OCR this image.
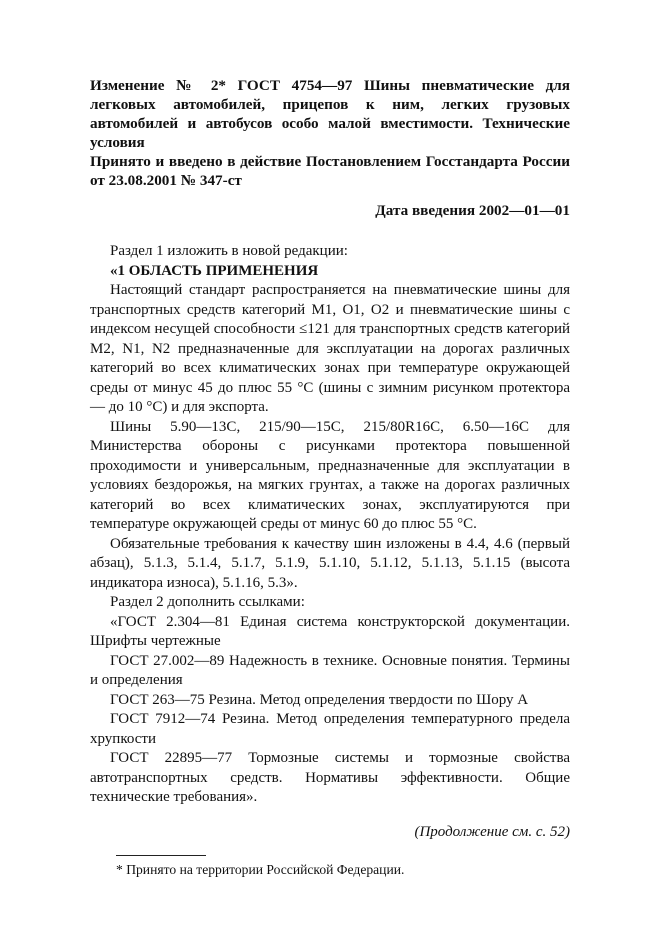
Изменение № 2* ГОСТ 4754—97 Шины пневматические для легковых автомобилей, прицепов к ним, легких грузовых автомобилей и автобусов особо малой вместимости. Технические условия

Принято и введено в действие Постановлением Госстандарта России от 23.08.2001 № 347-ст

Дата введения 2002—01—01

Раздел 1 изложить в новой редакции:

«1 ОБЛАСТЬ ПРИМЕНЕНИЯ

Настоящий стандарт распространяется на пневматические шины для транспортных средств категорий M1, O1, O2 и пневматические шины с индексом несущей способности ≤121 для транспортных средств категорий M2, N1, N2 предназначенные для эксплуатации на дорогах различных категорий во всех климатических зонах при температуре окружающей среды от минус 45 до плюс 55 °С (шины с зимним рисунком протектора — до 10 °С) и для экспорта.

Шины 5.90—13С, 215/90—15С, 215/80R16С, 6.50—16С для Министерства обороны с рисунками протектора повышенной проходимости и универсальным, предназначенные для эксплуатации в условиях бездорожья, на мягких грунтах, а также на дорогах различных категорий во всех климатических зонах, эксплуатируются при температуре окружающей среды от минус 60 до плюс 55 °С.

Обязательные требования к качеству шин изложены в 4.4, 4.6 (первый абзац), 5.1.3, 5.1.4, 5.1.7, 5.1.9, 5.1.10, 5.1.12, 5.1.13, 5.1.15 (высота индикатора износа), 5.1.16, 5.3».

Раздел 2 дополнить ссылками:

«ГОСТ 2.304—81 Единая система конструкторской документации. Шрифты чертежные

ГОСТ 27.002—89 Надежность в технике. Основные понятия. Термины и определения

ГОСТ 263—75 Резина. Метод определения твердости по Шору А

ГОСТ 7912—74 Резина. Метод определения температурного предела хрупкости

ГОСТ 22895—77 Тормозные системы и тормозные свойства автотранспортных средств. Нормативы эффективности. Общие технические требования».

(Продолжение см. с. 52)
* Принято на территории Российской Федерации.
